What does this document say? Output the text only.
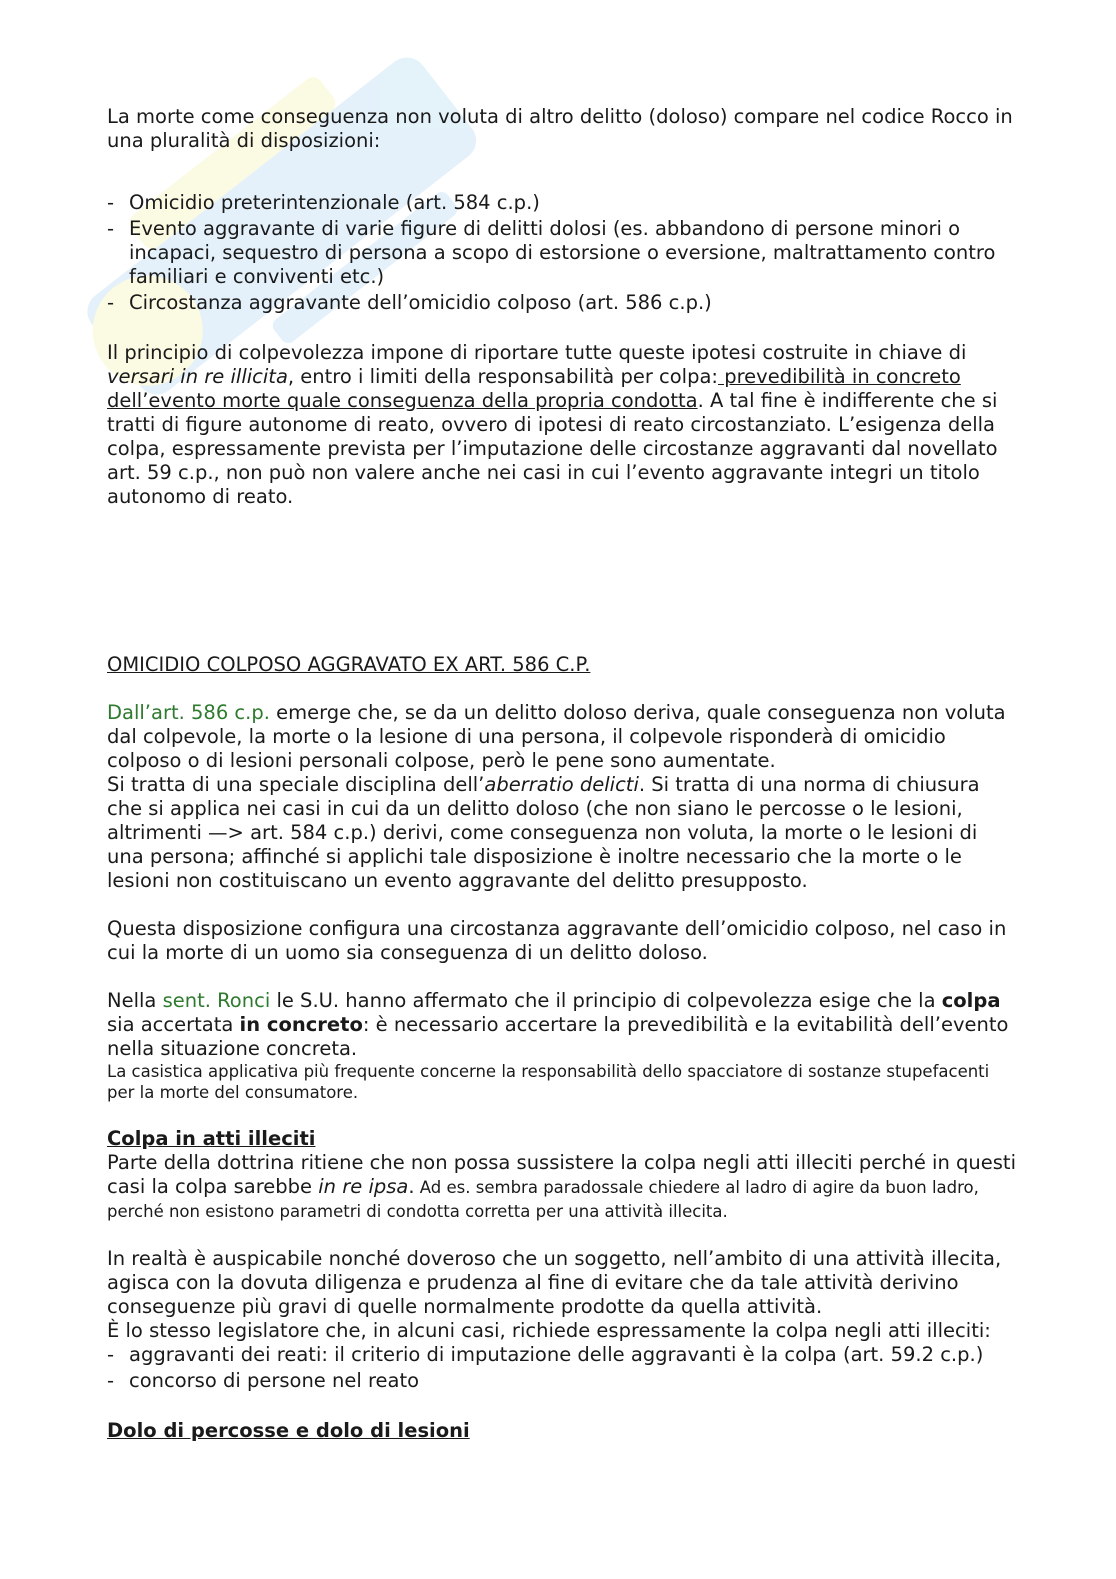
La morte come conseguenza non voluta di altro delitto (doloso) compare nel codice Rocco in una pluralità di disposizioni:

- Omicidio preterintenzionale (art. 584 c.p.)
- Evento aggravante di varie figure di delitti dolosi (es. abbandono di persone minori o incapaci, sequestro di persona a scopo di estorsione o eversione, maltrattamento contro familiari e conviventi etc.)
- Circostanza aggravante dell’omicidio colposo (art. 586 c.p.)

Il principio di colpevolezza impone di riportare tutte queste ipotesi costruite in chiave di versari in re illicita, entro i limiti della responsabilità per colpa: prevedibilità in concreto dell’evento morte quale conseguenza della propria condotta. A tal fine è indifferente che si tratti di figure autonome di reato, ovvero di ipotesi di reato circostanziato. L’esigenza della colpa, espressamente prevista per l’imputazione delle circostanze aggravanti dal novellato art. 59 c.p., non può non valere anche nei casi in cui l’evento aggravante integri un titolo autonomo di reato.

OMICIDIO COLPOSO AGGRAVATO EX ART. 586 C.P.

Dall’art. 586 c.p. emerge che, se da un delitto doloso deriva, quale conseguenza non voluta dal colpevole, la morte o la lesione di una persona, il colpevole risponderà di omicidio colposo o di lesioni personali colpose, però le pene sono aumentate.

Si tratta di una speciale disciplina dell’aberratio delicti. Si tratta di una norma di chiusura che si applica nei casi in cui da un delitto doloso (che non siano le percosse o le lesioni, altrimenti —> art. 584 c.p.) derivi, come conseguenza non voluta, la morte o le lesioni di una persona; affinché si applichi tale disposizione è inoltre necessario che la morte o le lesioni non costituiscano un evento aggravante del delitto presupposto.

Questa disposizione configura una circostanza aggravante dell’omicidio colposo, nel caso in cui la morte di un uomo sia conseguenza di un delitto doloso.

Nella sent. Ronci le S.U. hanno affermato che il principio di colpevolezza esige che la colpa sia accertata in concreto: è necessario accertare la prevedibilità e la evitabilità dell’evento nella situazione concreta.

La casistica applicativa più frequente concerne la responsabilità dello spacciatore di sostanze stupefacenti per la morte del consumatore.

Colpa in atti illeciti

Parte della dottrina ritiene che non possa sussistere la colpa negli atti illeciti perché in questi casi la colpa sarebbe in re ipsa. Ad es. sembra paradossale chiedere al ladro di agire da buon ladro, perché non esistono parametri di condotta corretta per una attività illecita.

In realtà è auspicabile nonché doveroso che un soggetto, nell’ambito di una attività illecita, agisca con la dovuta diligenza e prudenza al fine di evitare che da tale attività derivino conseguenze più gravi di quelle normalmente prodotte da quella attività.

È lo stesso legislatore che, in alcuni casi, richiede espressamente la colpa negli atti illeciti:

- aggravanti dei reati: il criterio di imputazione delle aggravanti è la colpa (art. 59.2 c.p.)
- concorso di persone nel reato

Dolo di percosse e dolo di lesioni
